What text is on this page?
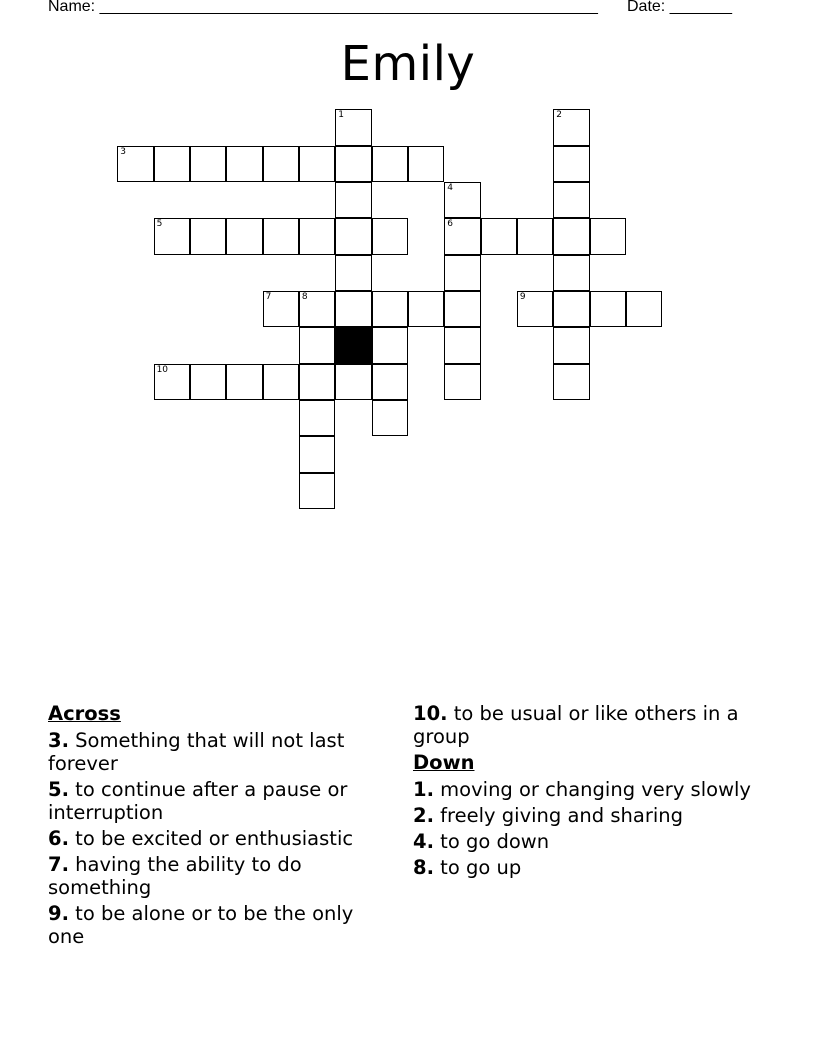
Name: ________________________________________________________ Date: _______
Emily
1	2
3
4
5	6
7	8	9
10
Across
3. Something that will not last forever
5. to continue after a pause or interruption
6. to be excited or enthusiastic
7. having the ability to do something
9. to be alone or to be the only one
10. to be usual or like others in a group
Down
1. moving or changing very slowly
2. freely giving and sharing
4. to go down
8. to go up
